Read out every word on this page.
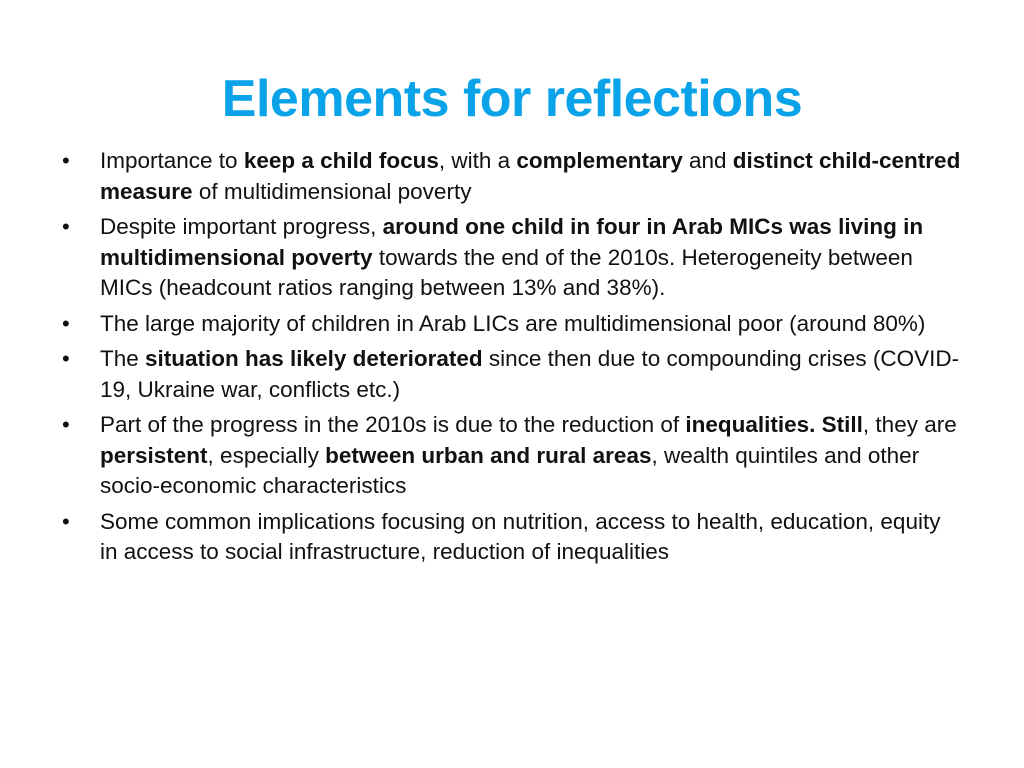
Elements for reflections
• Importance to keep a child focus, with a complementary and distinct child-centred measure of multidimensional poverty
• Despite important progress, around one child in four in Arab MICs was living in multidimensional poverty towards the end of the 2010s. Heterogeneity between MICs (headcount ratios ranging between 13% and 38%).
• The large majority of children in Arab LICs are multidimensional poor (around 80%)
• The situation has likely deteriorated since then due to compounding crises (COVID-19, Ukraine war, conflicts etc.)
• Part of the progress in the 2010s is due to the reduction of inequalities. Still, they are persistent, especially between urban and rural areas, wealth quintiles and other socio-economic characteristics
• Some common implications focusing on nutrition, access to health, education, equity in access to social infrastructure, reduction of inequalities
